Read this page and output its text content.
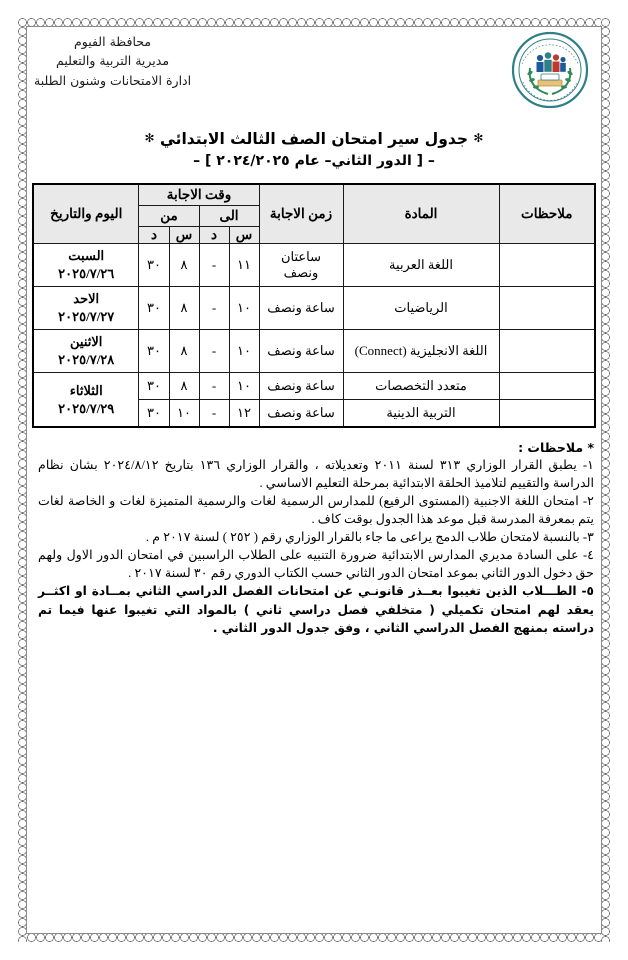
محافظة الفيوم
مديرية التربية والتعليم
ادارة الامتحانات وشنون الطلبة
✻ جدول سير امتحان الصف الثالث الابتدائي ✻
– [ الدور الثاني– عام ٢٠٢٤/٢٠٢٥ ] –
ملاحظات	المادة	زمن الاجابة	وقت الاجابة				اليوم والتاريخ
			الى		من		
			س	د	س	د	
	اللغة العربية	ساعتان ونصف	١١	-	٨	٣٠	السبت
٢٠٢٥/٧/٢٦

	الرياضيات	ساعة ونصف	١٠	-	٨	٣٠	الاحد
٢٠٢٥/٧/٢٧

	اللغة الانجليزية (Connect)	ساعة ونصف	١٠	-	٨	٣٠	الاثنين
٢٠٢٥/٧/٢٨

	متعدد التخصصات	ساعة ونصف	١٠	-	٨	٣٠	الثلاثاء
٢٠٢٥/٧/٢٩

	التربية الدينية	ساعة ونصف	١٢	-	١٠	٣٠	
* ملاحظات :
١- يطبق القرار الوزاري ٣١٣ لسنة ٢٠١١ وتعديلاته ، والقرار الوزاري ١٣٦ بتاريخ ٢٠٢٤/٨/١٢ بشان نظام الدراسة والتقييم لتلاميذ الحلقة الابتدائية بمرحلة التعليم الاساسي .
٢- امتحان اللغة الاجنبية (المستوى الرفيع) للمدارس الرسمية لغات والرسمية المتميزة لغات و الخاصة لغات يتم بمعرفة المدرسة قبل موعد هذا الجدول بوقت كاف .
٣- بالنسبة لامتحان طلاب الدمج يراعى ما جاء بالقرار الوزاري رقم ( ٢٥٢ ) لسنة ٢٠١٧ م .
٤- على السادة مديري المدارس الابتدائية ضرورة التنبيه على الطلاب الراسبين في امتحان الدور الاول ولهم حق دخول الدور الثاني بموعد امتحان الدور الثاني حسب الكتاب الدوري رقم ٣٠ لسنة ٢٠١٧ .
٥- الطـــلاب الذين تغيبوا بعــذر قانونـي عن امتحانات الفصل الدراسي الثاني بمــادة او اكثــر يعقد لهم امتحان تكميلي ( متخلفي فصل دراسي ثاني ) بالمواد التي تغيبوا عنها فيما تم دراسته بمنهج الفصل الدراسي الثاني ، وفق جدول الدور الثاني .
